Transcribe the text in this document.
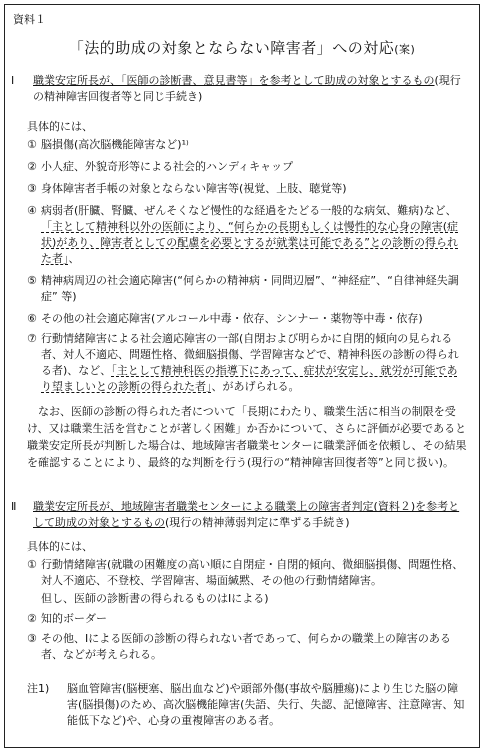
資料１
「法的助成の対象とならない障害者」への対応(案)
Ⅰ	職業安定所長が、「医師の診断書、意見書等」を参考として助成の対象とするもの(現行の精神障害回復者等と同じ手続き)
具体的には、
① 脳損傷(高次脳機能障害など)¹⁾
② 小人症、外貌奇形等による社会的ハンディキャップ
③ 身体障害者手帳の対象とならない障害等(視覚、上肢、聴覚等)
④ 病弱者(肝臓、腎臓、ぜんそくなど慢性的な経過をたどる一般的な病気、難病)など、「主として精神科以外の医師により、“何らかの長期もしくは慢性的な心身の障害(症状)があり、障害者としての配慮を必要とするが就業は可能である”との診断の得られた者」、
⑤ 精神病周辺の社会適応障害(“何らかの精神病・同問辺層”、“神経症”、“自律神経失調症” 等)
⑥ その他の社会適応障害(アルコール中毒・依存、シンナー・薬物等中毒・依存)
⑦ 行動情緒障害による社会適応障害の一部(自閉および明らかに自閉的傾向の見られる者、対人不適応、問題性格、微細脳損傷、学習障害などで、精神科医の診断の得られる者)、など、「主として精神科医の指導下にあって、症状が安定し、就労が可能であり望ましいとの診断の得られた者」、があげられる。
なお、医師の診断の得られた者について「長期にわたり、職業生活に相当の制限を受け、又は職業生活を営むことが著しく困難」か否かについて、さらに評価が必要であると職業安定所長が判断した場合は、地域障害者職業センターに職業評価を依頼し、その結果を確認することにより、最終的な判断を行う(現行の“精神障害回復者等”と同じ扱い)。
Ⅱ	職業安定所長が、地域障害者職業センターによる職業上の障害者判定(資料２)を参考として助成の対象とするもの(現行の精神薄弱判定に準ずる手続き)
具体的には、
① 行動情緒障害(就職の困難度の高い順に自閉症・自閉的傾向、微細脳損傷、問題性格、対人不適応、不登校、学習障害、場面緘黙、その他の行動情緒障害。
但し、医師の診断書の得られるものはⅠによる)
② 知的ボーダー
③ その他、Ⅰによる医師の診断の得られない者であって、何らかの職業上の障害のある者、などが考えられる。
注1)	脳血管障害(脳梗塞、脳出血など)や頭部外傷(事故や脳腫瘍)により生じた脳の障害(脳損傷)のため、高次脳機能障害(失語、失行、失認、記憶障害、注意障害、知能低下など)や、心身の重複障害のある者。
